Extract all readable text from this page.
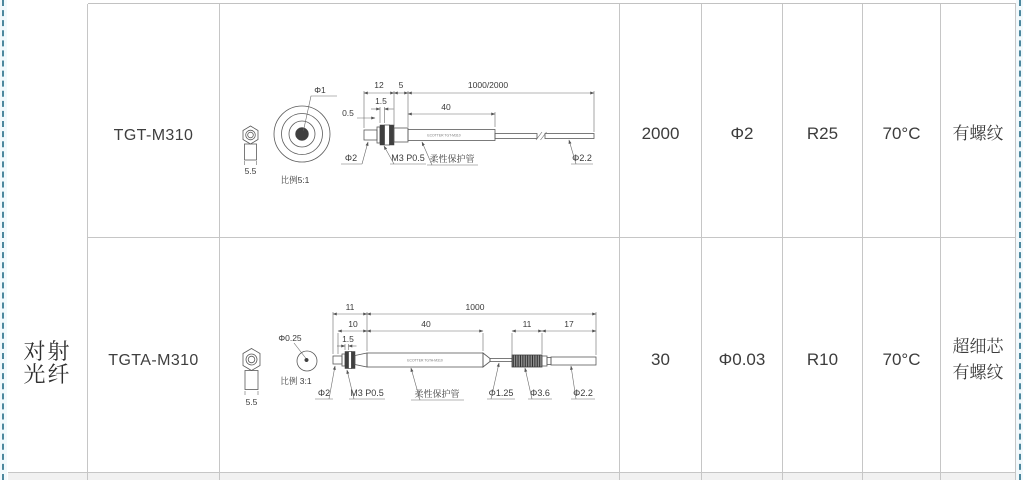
对射
光纤
TGT-M310
5.5
Φ1
比例5:1
ECOTTER TGT-M310
12 5	1000/2000
1.5
0.5
40
Φ2	M3 P0.5 柔性保护管	Φ2.2
2000	Φ2	R25	70°C 有螺纹
TGTA-M310
5.5
Φ0.25
比例 3:1
ECOTTER TGTA-M310
11	1000
10	40	11	17
1.5
Φ2 M3 P0.5	柔性保护管	Φ1.25 Φ3.6	Φ2.2
30	Φ0.03 R10	70°C
超细芯
有螺纹
